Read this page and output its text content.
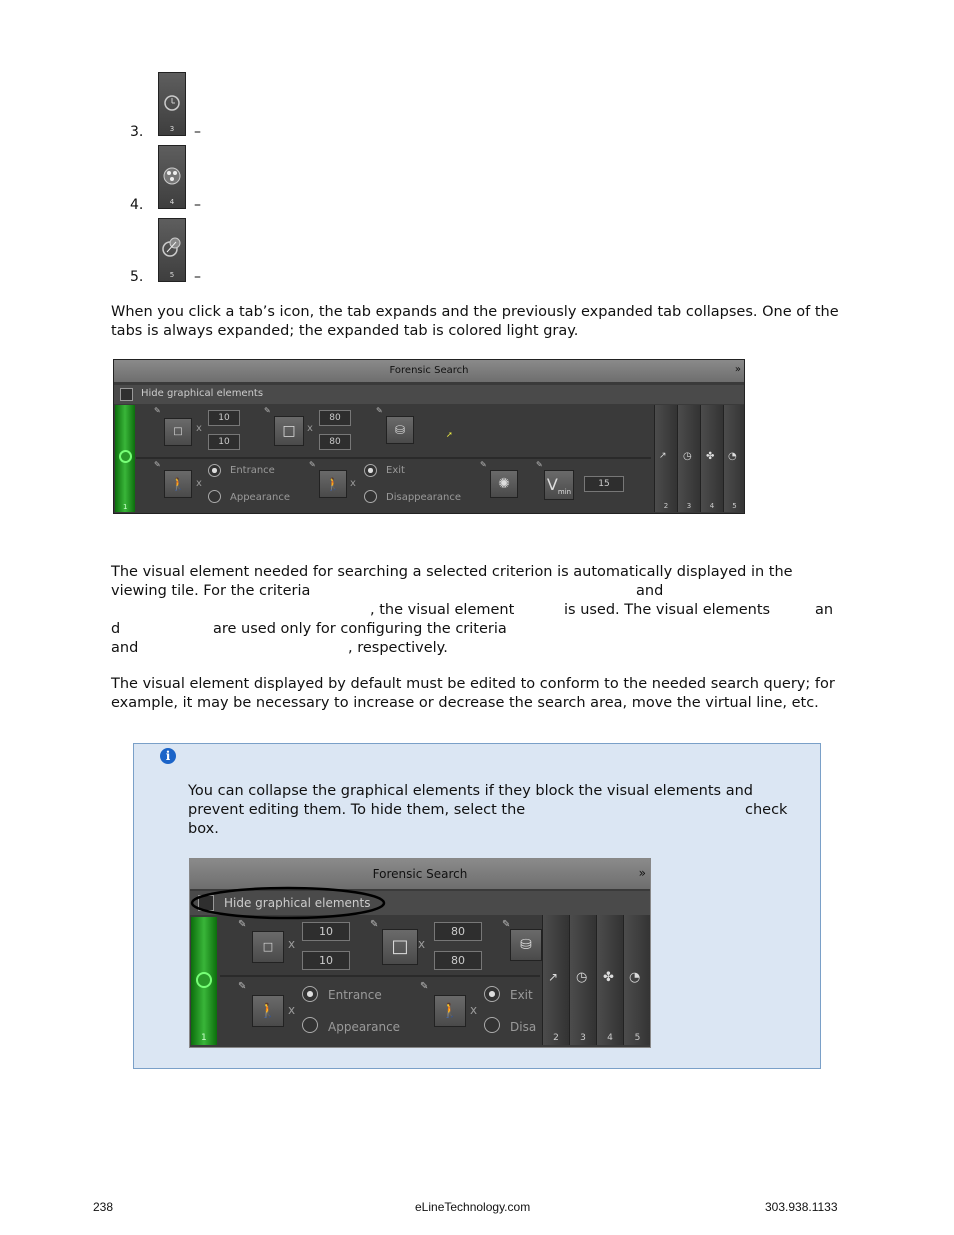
3.	3	–
4.	4	–
5.	5	–

When you click a tab’s icon, the tab expands and the previously expanded tab collapses. One of the tabs is always expanded; the expanded tab is colored light gray.

Forensic Search	»
Hide graphical elements
1
✎
□	x
10
10
✎
□	x
80
80
✎
⛁	➚
✎
🚶	x
Entrance
Appearance
✎
🚶 x
Exit
Disappearance
✎
✺
✎
$V_{min}$
15
↗
2
◷
3
✤
4
◔
5
The visual element needed for searching a selected criterion is automatically displayed in the
viewing tile. For the criteria	and
, the visual element	is used. The visual elements	an
d	are used only for configuring the criteria
and	, respectively.

The visual element displayed by default must be edited to conform to the needed search query; for example, it may be necessary to increase or decrease the search area, move the virtual line, etc.

i
You can collapse the graphical elements if they block the visual elements and
prevent editing them. To hide them, select the	check
box.
Forensic Search	»
Hide graphical elements
1
✎
□	x
10
10
✎
□ x
80
80
✎
⛁
✎
🚶 x
Entrance
Appearance
✎
🚶 x
Exit
Disa
↗
2
◷
3
✤
4
◔
5
238	eLineTechnology.com	303.938.1133
